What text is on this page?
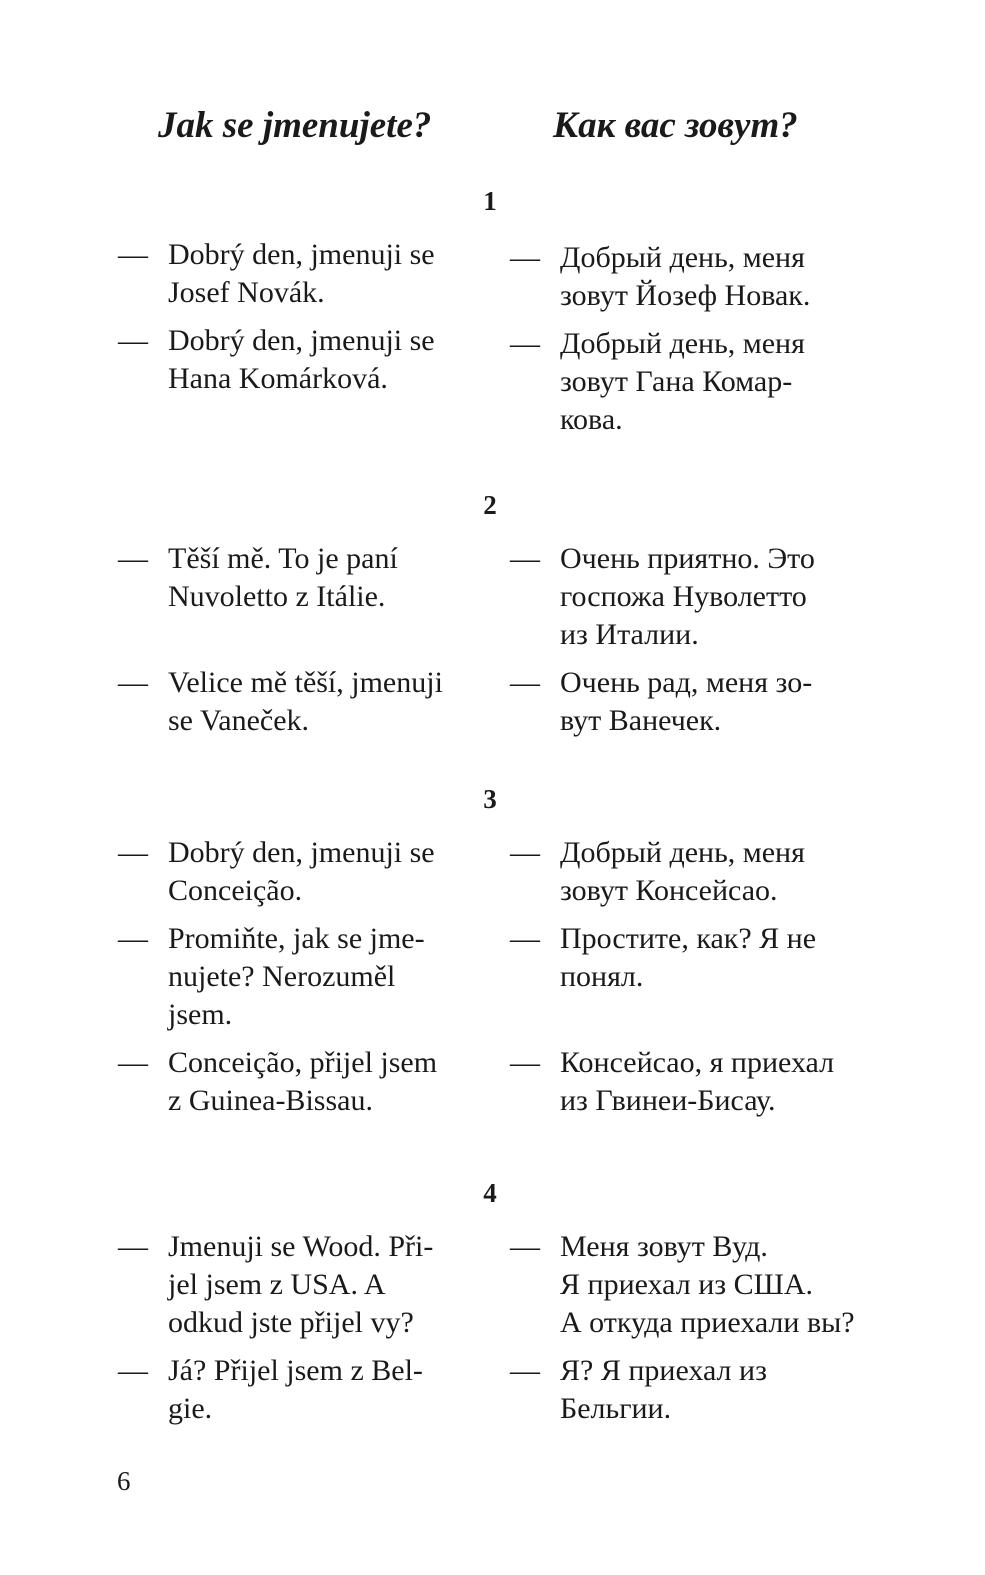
Jak se jmenujete?	Как вас зовут?
1
— Dobrý den, jmenuji se
Josef Novák.
— Dobrý den, jmenuji se
Hana Komárková.
— Добрый день, меня
зовут Йозеф Новак.
— Добрый день, меня
зовут Гана Комар-
кова.
2
— Těší mě. To je paní
Nuvoletto z Itálie.
— Velice mě těší, jmenuji
se Vaneček.
— Очень приятно. Это
госпожа Нуволетто
из Италии.
— Очень рад, меня зо-
вут Ванечек.
3
— Dobrý den, jmenuji se
Conceição.
— Promiňte, jak se jme-
nujete? Nerozuměl
jsem.
— Conceição, přijel jsem
z Guinea-Bissau.
— Добрый день, меня
зовут Консейсао.
— Простите, как? Я не
понял.
— Консейсао, я приехал
из Гвинеи-Бисау.
4
— Jmenuji se Wood. Při-
jel jsem z USA. A
odkud jste přijel vy?
— Já? Přijel jsem z Bel-
gie.
— Меня зовут Вуд.
Я приехал из США.
А откуда приехали вы?
— Я? Я приехал из
Бельгии.
6
